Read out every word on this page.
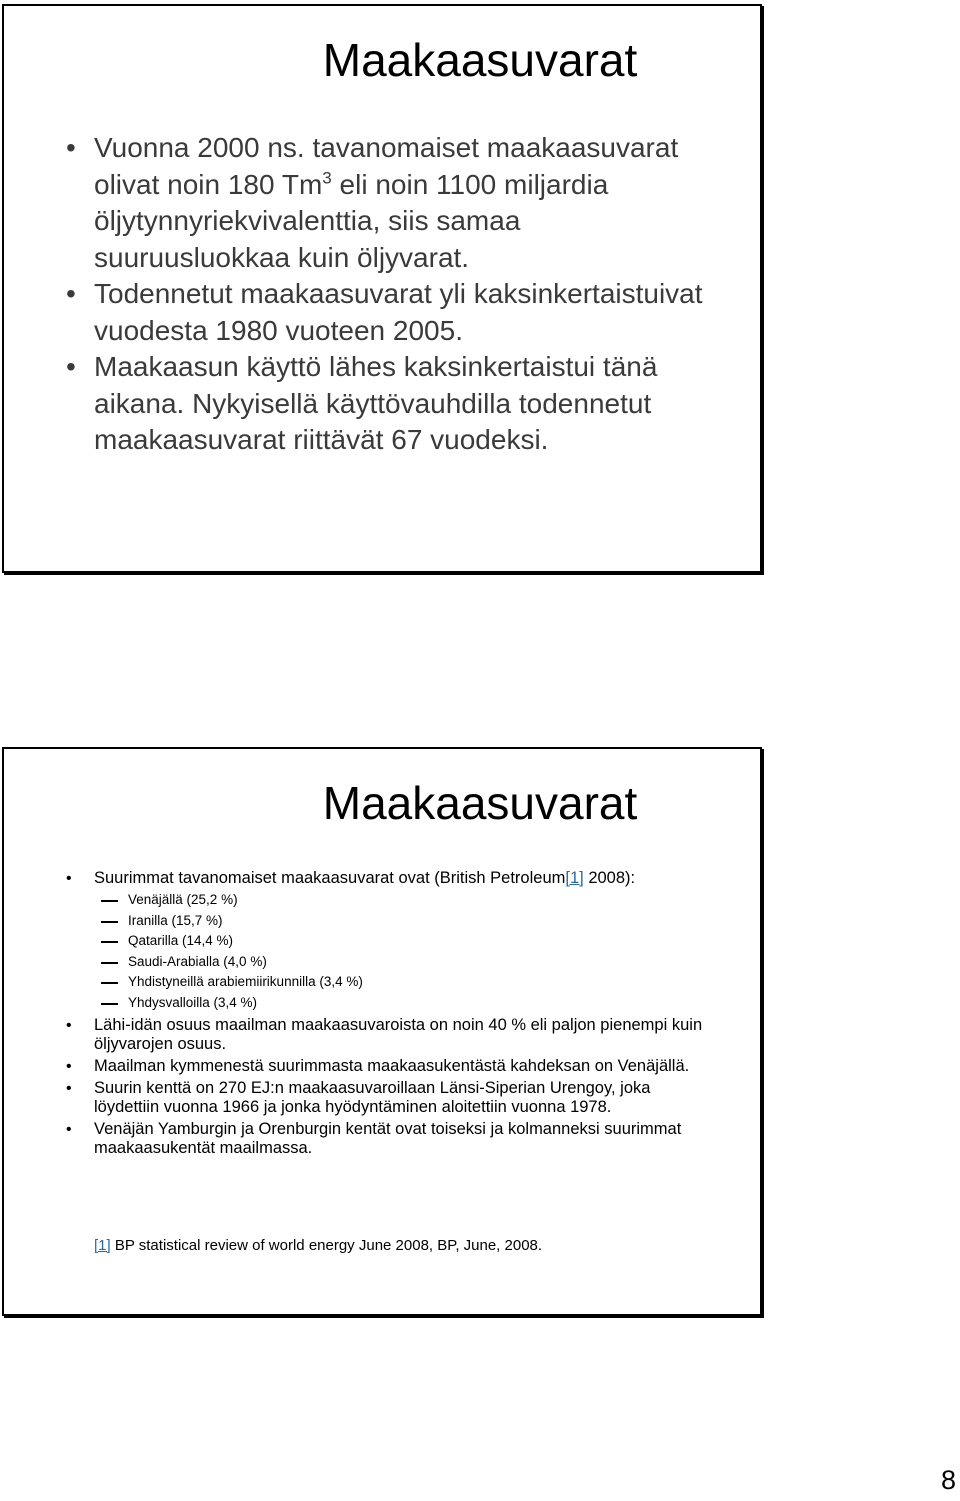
Maakaasuvarat
• Vuonna 2000 ns. tavanomaiset maakaasuvarat olivat noin 180 Tm$^3$ eli noin 1100 miljardia öljytynnyriekvivalenttia, siis samaa suuruusluokkaa kuin öljyvarat.
• Todennetut maakaasuvarat yli kaksinkertaistuivat vuodesta 1980 vuoteen 2005.
• Maakaasun käyttö lähes kaksinkertaistui tänä aikana. Nykyisellä käyttövauhdilla todennetut maakaasuvarat riittävät 67 vuodeksi.
Maakaasuvarat
• Suurimmat tavanomaiset maakaasuvarat ovat (British Petroleum[1] 2008):
Venäjällä (25,2 %)
Iranilla (15,7 %)
Qatarilla (14,4 %)
Saudi-Arabialla (4,0 %)
Yhdistyneillä arabiemiirikunnilla (3,4 %)
Yhdysvalloilla (3,4 %)
• Lähi-idän osuus maailman maakaasuvaroista on noin 40 % eli paljon pienempi kuin öljyvarojen osuus.
• Maailman kymmenestä suurimmasta maakaasukentästä kahdeksan on Venäjällä.
• Suurin kenttä on 270 EJ:n maakaasuvaroillaan Länsi-Siperian Urengoy, joka löydettiin vuonna 1966 ja jonka hyödyntäminen aloitettiin vuonna 1978.
• Venäjän Yamburgin ja Orenburgin kentät ovat toiseksi ja kolmanneksi suurimmat maakaasukentät maailmassa.
[1] BP statistical review of world energy June 2008, BP, June, 2008.
8
